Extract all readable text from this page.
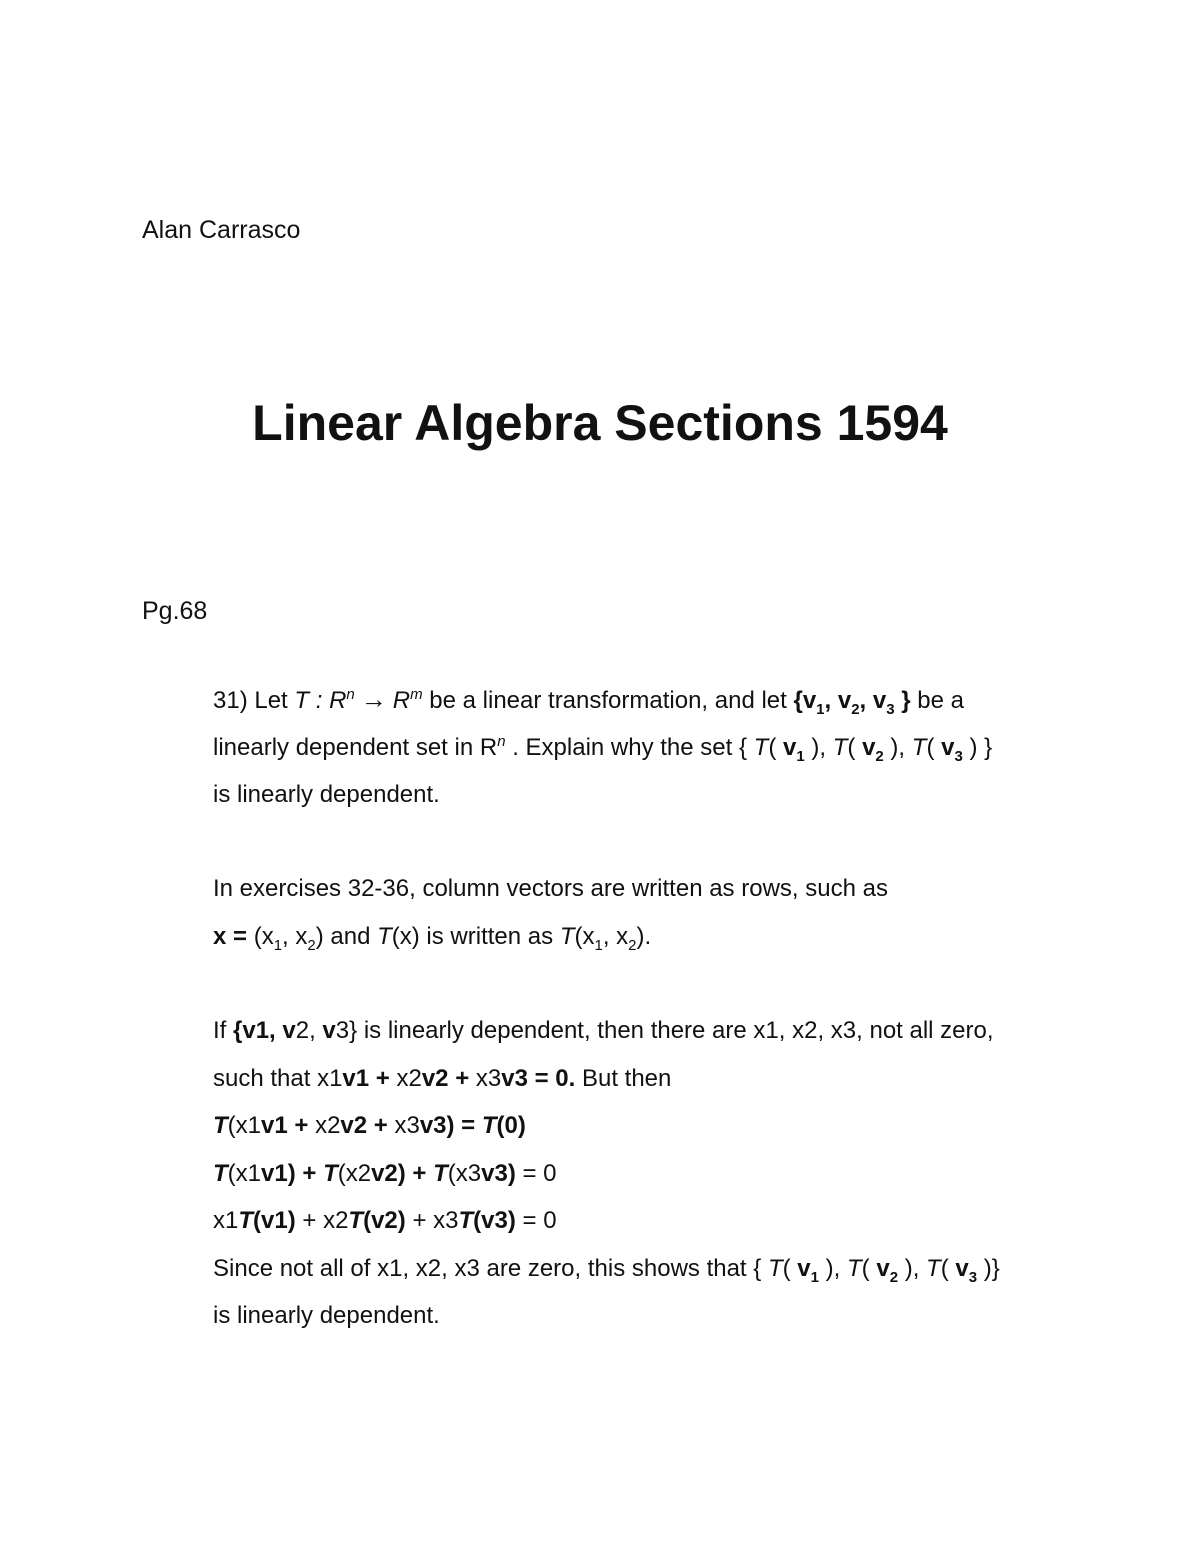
Alan Carrasco
Linear Algebra Sections 1594
Pg.68
31) Let T : $R^n \to R^m$ be a linear transformation, and let {$v_1$, $v_2$, $v_3$ } be a
linearly dependent set in $R^n$ . Explain why the set { T( $v_1$ ), T( $v_2$ ), T( $v_3$ ) }
is linearly dependent.
In exercises 32-36, column vectors are written as rows, such as
$x = (x_1$, $x_2$) and T(x) is written as $T(x_1$, $x_2$).
If {v1, v2, v3} is linearly dependent, then there are x1, x2, x3, not all zero,
such that x1v1 + x2v2 + x3v3 = 0. But then
T(x1v1 + x2v2 + x3v3) = T(0)
T(x1v1) + T(x2v2) + T(x3v3) = 0
x1T(v1) + x2T(v2) + x3T(v3) = 0
Since not all of x1, x2, x3 are zero, this shows that { T( $v_1$ ), T( $v_2$ ), T( $v_3$ )}
is linearly dependent.
